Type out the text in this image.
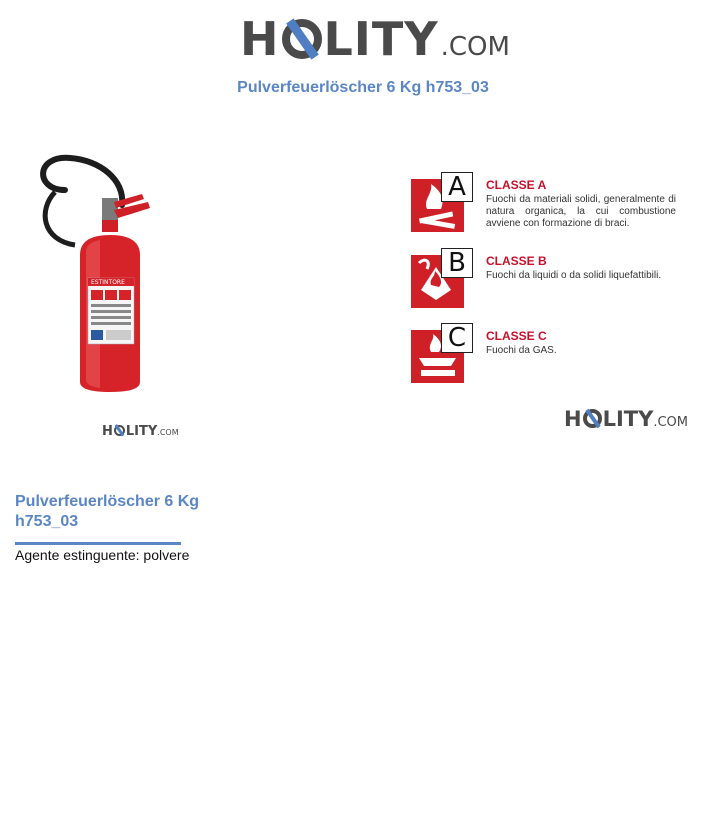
H LITY .COM
Pulverfeuerlöscher 6 Kg h753_03
ESTINTORE
H LITY .COM
A	CLASSE A
Fuochi da materiali solidi, generalmente di natura organica, la cui combustione avviene con formazione di braci.
B	CLASSE B
Fuochi da liquidi o da solidi liquefattibili.
C	CLASSE C
Fuochi da GAS.
H LITY .COM
Pulverfeuerlöscher 6 Kg h753_03
Agente estinguente: polvere
